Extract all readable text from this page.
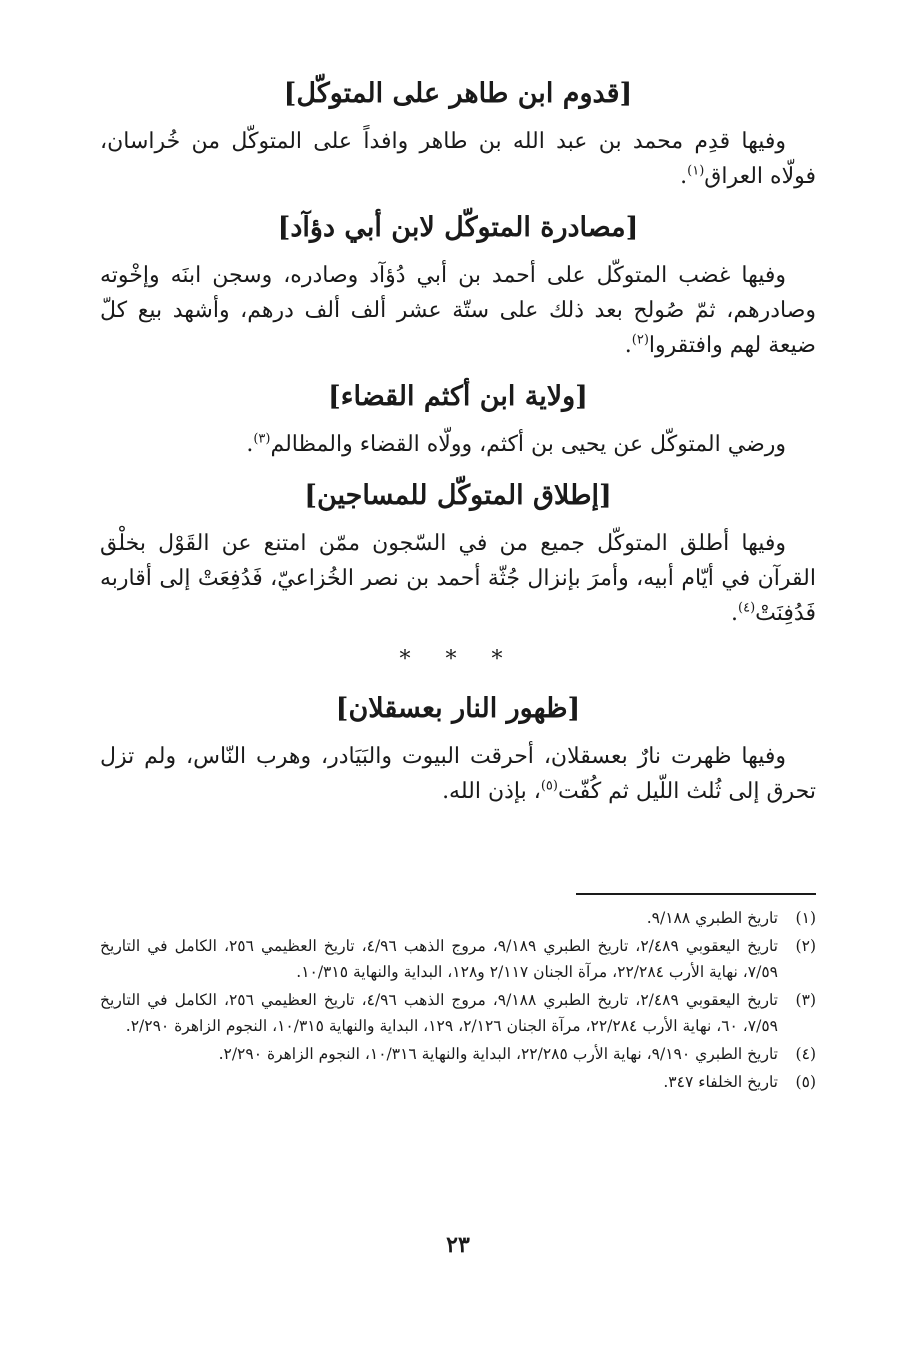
[قدوم ابن طاهر على المتوكّل]

وفيها قدِم محمد بن عبد الله بن طاهر وافداً على المتوكّل من خُراسان، فولّاه العراق$^{(١)}$.

[مصادرة المتوكّل لابن أبي دؤآد]

وفيها غضب المتوكّل على أحمد بن أبي دُؤآد وصادره، وسجن ابنَه وإخْوته وصادرهم، ثمّ صُولح بعد ذلك على ستّة عشر ألف ألف درهم، وأشهد بيع كلّ ضيعة لهم وافتقروا$^{(٢)}$.

[ولاية ابن أكثم القضاء]

ورضي المتوكّل عن يحيى بن أكثم، وولّاه القضاء والمظالم$^{(٣)}$.

[إطلاق المتوكّل للمساجين]

وفيها أطلق المتوكّل جميع من في السّجون ممّن امتنع عن القَوْل بخلْق القرآن في أيّام أبيه، وأمرَ بإنزال جُثّة أحمد بن نصر الخُزاعيّ، فَدُفِعَتْ إلى أقاربه فَدُفِنَتْ$^{(٤)}$.

* * *
[ظهور النار بعسقلان]

وفيها ظهرت نارٌ بعسقلان، أحرقت البيوت والبَيَادر، وهرب النّاس، ولم تزل تحرق إلى ثُلث اللّيل ثم كُفّت$^{(٥)}$، بإذن الله.

(١)
تاريخ الطبري ٩/١٨٨.
(٢)
تاريخ اليعقوبي ٢/٤٨٩، تاريخ الطبري ٩/١٨٩، مروج الذهب ٤/٩٦، تاريخ العظيمي ٢٥٦، الكامل في التاريخ ٧/٥٩، نهاية الأرب ٢٢/٢٨٤، مرآة الجنان ٢/١١٧ و١٢٨، البداية والنهاية ١٠/٣١٥.
(٣)
تاريخ اليعقوبي ٢/٤٨٩، تاريخ الطبري ٩/١٨٨، مروج الذهب ٤/٩٦، تاريخ العظيمي ٢٥٦، الكامل في التاريخ ٧/٥٩، ٦٠، نهاية الأرب ٢٢/٢٨٤، مرآة الجنان ٢/١٢٦، ١٢٩، البداية والنهاية ١٠/٣١٥، النجوم الزاهرة ٢/٢٩٠.
(٤)
تاريخ الطبري ٩/١٩٠، نهاية الأرب ٢٢/٢٨٥، البداية والنهاية ١٠/٣١٦، النجوم الزاهرة ٢/٢٩٠.
(٥)
تاريخ الخلفاء ٣٤٧.
٢٣
